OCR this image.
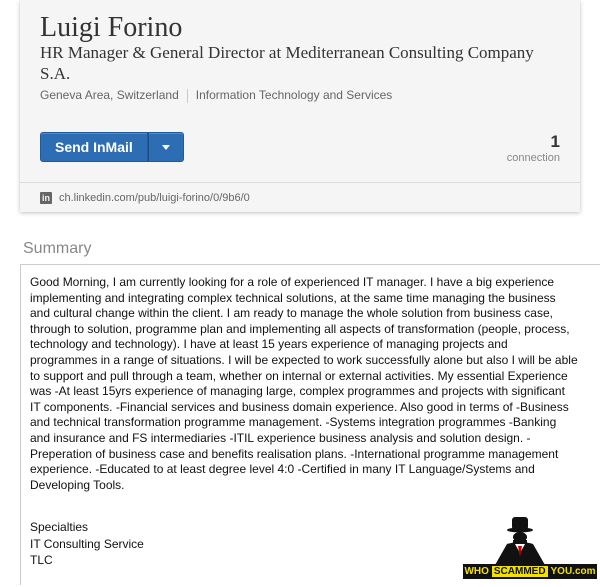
Luigi Forino
HR Manager & General Director at Mediterranean Consulting Company S.A.
Geneva Area, Switzerland Information Technology and Services
Send InMail	1
connection
in ch.linkedin.com/pub/luigi-forino/0/9b6/0
Summary
Good Morning, I am currently looking for a role of experienced IT manager. I have a big experience implementing and integrating complex technical solutions, at the same time managing the business and cultural change within the client. I am ready to manage the whole solution from business case, through to solution, programme plan and implementing all aspects of transformation (people, process, technology and technology). I have at least 15 years experience of managing projects and programmes in a range of situations. I will be expected to work successfully alone but also I will be able to support and pull through a team, whether on internal or external activities. My essential Experience was -At least 15yrs experience of managing large, complex programmes and projects with significant IT components. -Financial services and business domain experience. Also good in terms of -Business and technical transformation programme management. -Systems integration programmes -Banking and insurance and FS intermediaries -ITIL experience business analysis and solution design. -Preperation of business case and benefits realisation plans. -International programme management experience. -Educated to at least degree level 4:0 -Certified in many IT Language/Systems and Developing Tools.
Specialties
IT Consulting Service
TLC
WHO SCAMMED YOU.com
